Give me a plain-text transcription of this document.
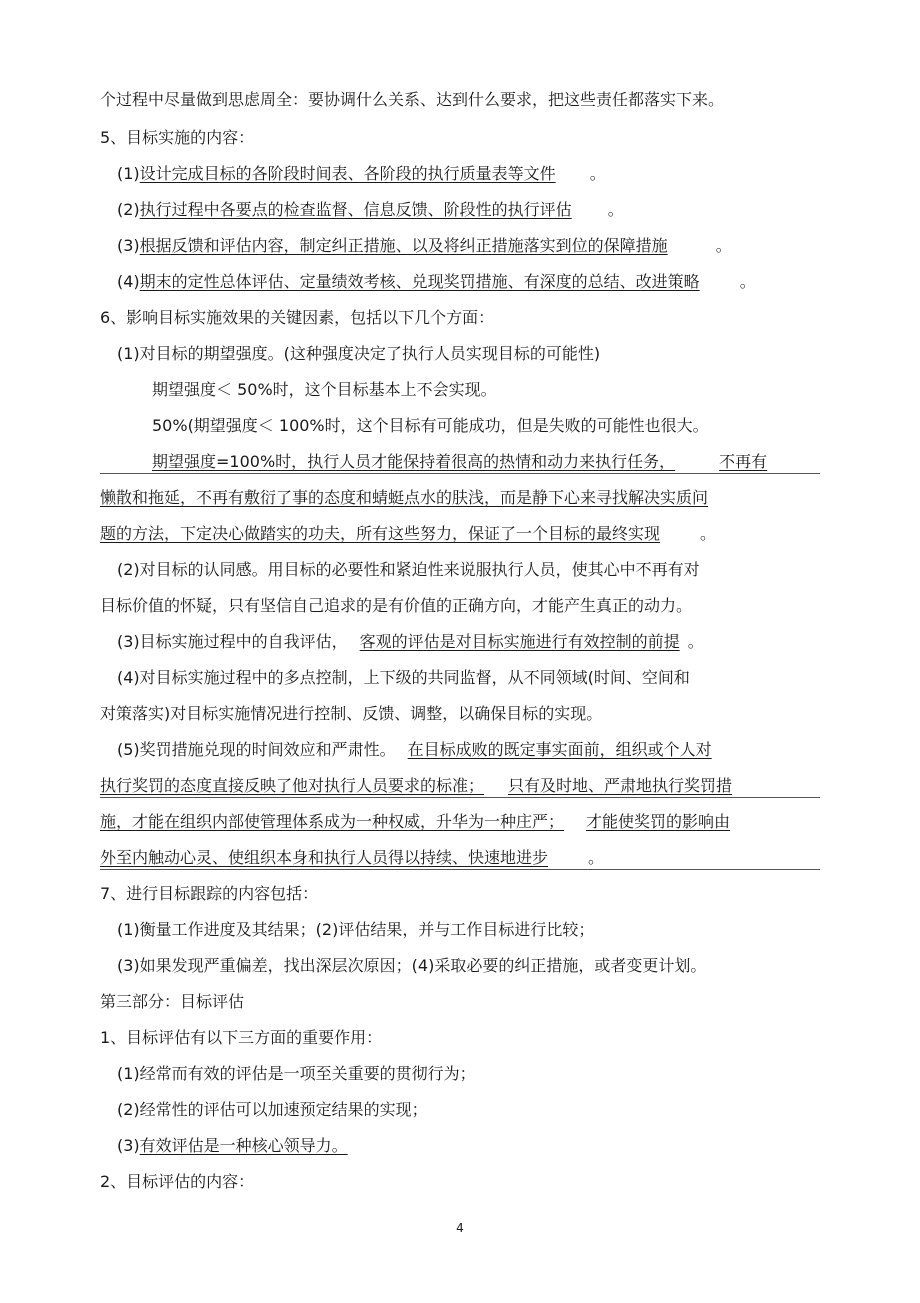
个过程中尽量做到思虑周全：要协调什么关系、达到什么要求，把这些责任都落实下来。
5、目标实施的内容：
(1)设计完成目标的各阶段时间表、各阶段的执行质量表等文件 。
(2)执行过程中各要点的检查监督、信息反馈、阶段性的执行评估 。
(3)根据反馈和评估内容，制定纠正措施、以及将纠正措施落实到位的保障措施	。
(4)期末的定性总体评估、定量绩效考核、兑现奖罚措施、有深度的总结、改进策略	。
6、影响目标实施效果的关键因素，包括以下几个方面：
(1)对目标的期望强度。(这种强度决定了执行人员实现目标的可能性)
期望强度＜ 50%时，这个目标基本上不会实现。
50%(期望强度＜ 100%时，这个目标有可能成功，但是失败的可能性也很大。
期望强度=100%时，执行人员才能保持着很高的热情和动力来执行任务，	不再有
懒散和拖延，不再有敷衍了事的态度和蜻蜓点水的肤浅，而是静下心来寻找解决实质问
题的方法，下定决心做踏实的功夫，所有这些努力，保证了一个目标的最终实现	。
(2)对目标的认同感。用目标的必要性和紧迫性来说服执行人员，使其心中不再有对
目标价值的怀疑，只有坚信自己追求的是有价值的正确方向，才能产生真正的动力。
(3)目标实施过程中的自我评估， 客观的评估是对目标实施进行有效控制的前提 。
(4)对目标实施过程中的多点控制，上下级的共同监督，从不同领域(时间、空间和
对策落实)对目标实施情况进行控制、反馈、调整，以确保目标的实现。
(5)奖罚措施兑现的时间效应和严肃性。 在目标成败的既定事实面前，组织或个人对
执行奖罚的态度直接反映了他对执行人员要求的标准； 只有及时地、严肃地执行奖罚措
施，才能在组织内部使管理体系成为一种权威，升华为一种庄严； 才能使奖罚的影响由
外至内触动心灵、使组织本身和执行人员得以持续、快速地进步	。
7、进行目标跟踪的内容包括：
(1)衡量工作进度及其结果；(2)评估结果，并与工作目标进行比较；
(3)如果发现严重偏差，找出深层次原因；(4)采取必要的纠正措施，或者变更计划。
第三部分：目标评估
1、目标评估有以下三方面的重要作用：
(1)经常而有效的评估是一项至关重要的贯彻行为；
(2)经常性的评估可以加速预定结果的实现；
(3)有效评估是一种核心领导力。
2、目标评估的内容：
4
